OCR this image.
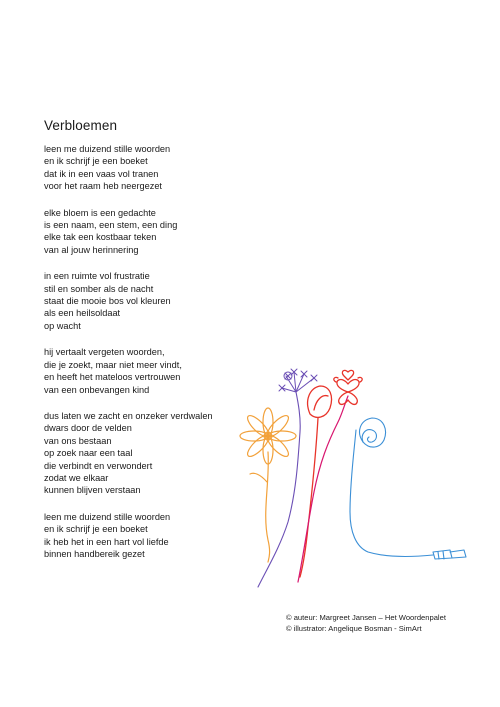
Verbloemen
leen me duizend stille woorden
en ik schrijf je een boeket
dat ik in een vaas vol tranen
voor het raam heb neergezet
elke bloem is een gedachte
is een naam, een stem, een ding
elke tak een kostbaar teken
van al jouw herinnering
in een ruimte vol frustratie
stil en somber als de nacht
staat die mooie bos vol kleuren
als een heilsoldaat
op wacht
hij vertaalt vergeten woorden,
die je zoekt, maar niet meer vindt,
en heeft het mateloos vertrouwen
van een onbevangen kind
dus laten we zacht en onzeker verdwalen
dwars door de velden
van ons bestaan
op zoek naar een taal
die verbindt en verwondert
zodat we elkaar
kunnen blijven verstaan
leen me duizend stille woorden
en ik schrijf je een boeket
ik heb het in een hart vol liefde
binnen handbereik gezet
© auteur: Margreet Jansen – Het Woordenpalet
© illustrator: Angelique Bosman - SimArt
